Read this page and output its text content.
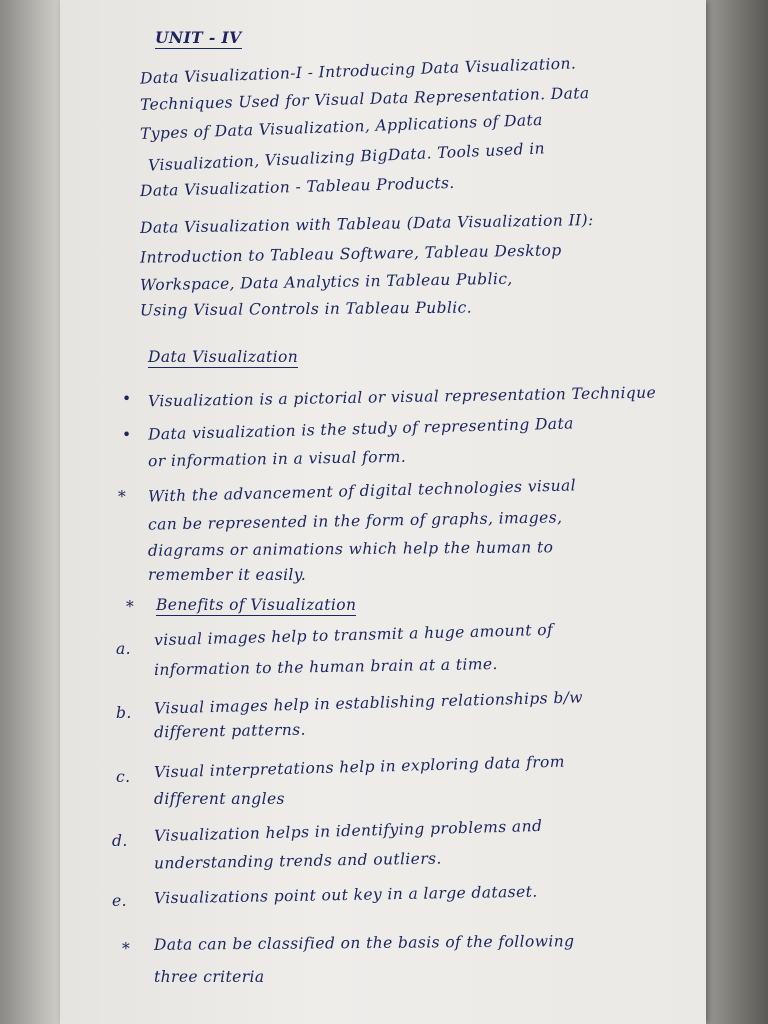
UNIT - IV
Data Visualization-I - Introducing Data Visualization.
Techniques Used for Visual Data Representation. Data
Types of Data Visualization, Applications of Data
Visualization, Visualizing BigData. Tools used in
Data Visualization - Tableau Products.
Data Visualization with Tableau (Data Visualization II):
Introduction to Tableau Software, Tableau Desktop
Workspace, Data Analytics in Tableau Public,
Using Visual Controls in Tableau Public.
Data Visualization
• Visualization is a pictorial or visual representation Technique
• Data visualization is the study of representing Data
or information in a visual form.
* With the advancement of digital technologies visual
can be represented in the form of graphs, images,
diagrams or animations which help the human to
remember it easily.
* Benefits of Visualization
a. visual images help to transmit a huge amount of
information to the human brain at a time.
b. Visual images help in establishing relationships b/w
different patterns.
c. Visual interpretations help in exploring data from
different angles
d. Visualization helps in identifying problems and
understanding trends and outliers.
e. Visualizations point out key in a large dataset.
* Data can be classified on the basis of the following
three criteria
